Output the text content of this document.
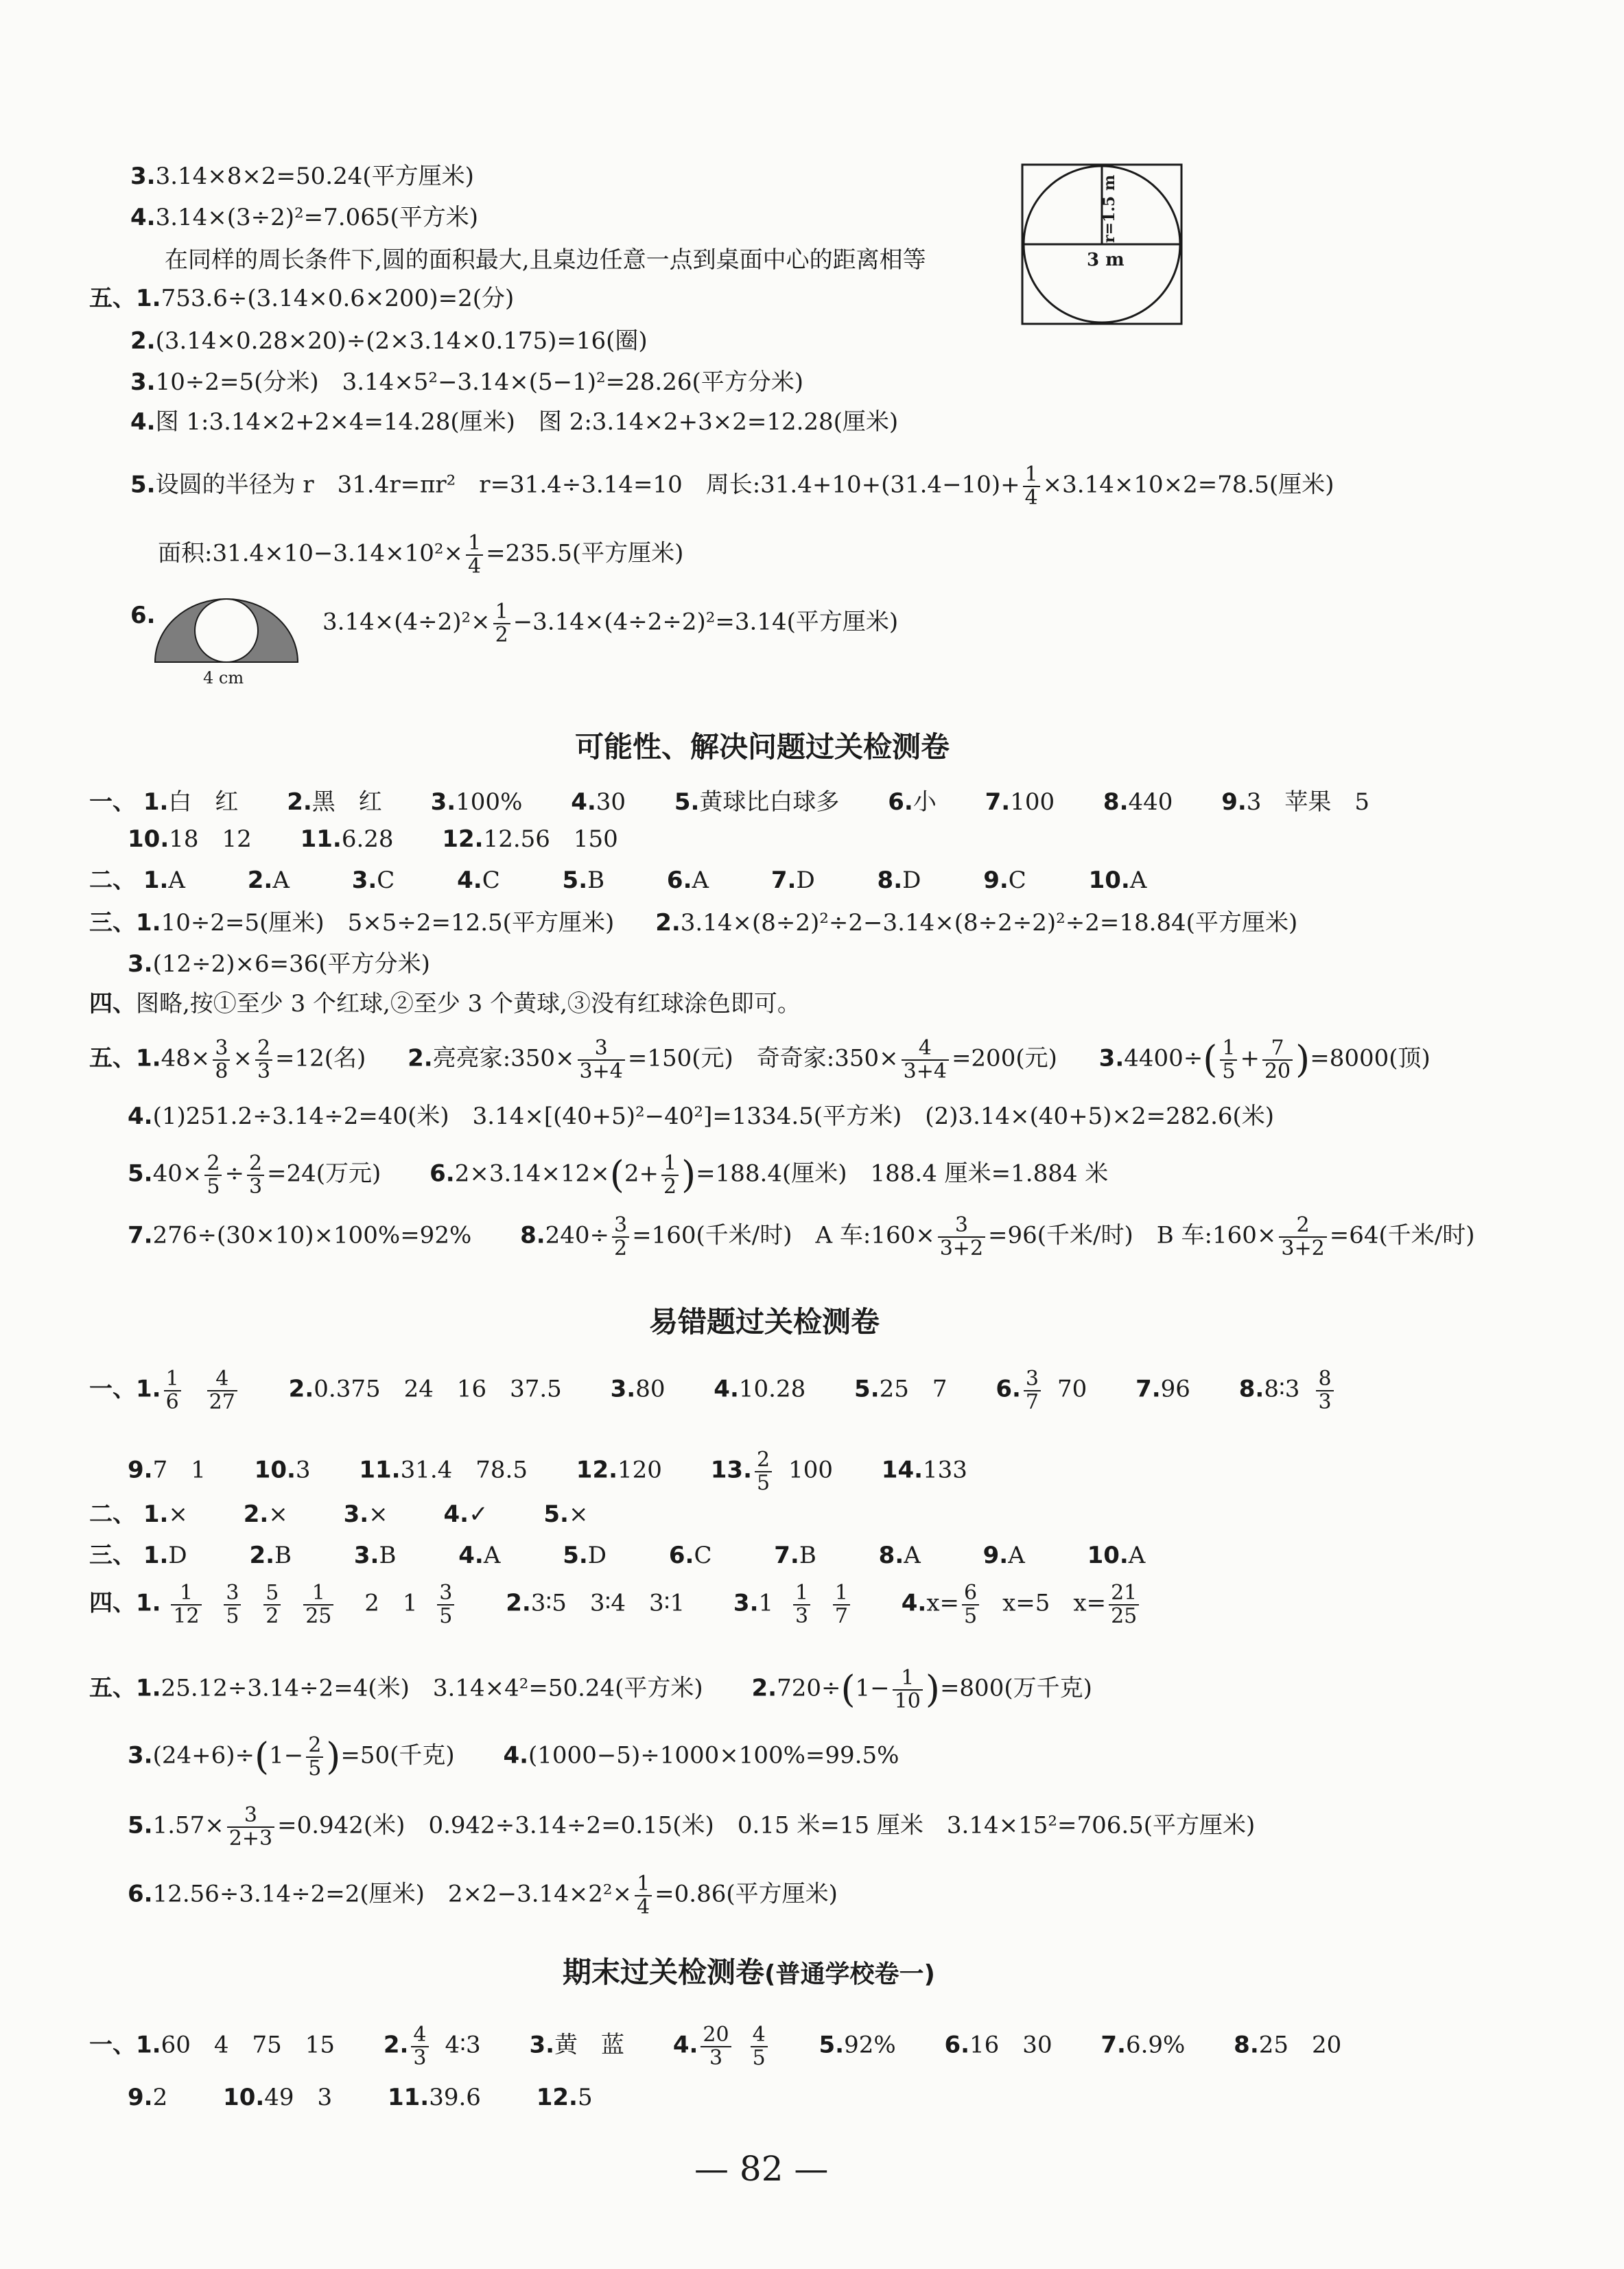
3.3.14×8×2=50.24(平方厘米)
4.3.14×(3÷2)²=7.065(平方米)
在同样的周长条件下,圆的面积最大,且桌边任意一点到桌面中心的距离相等
r=1.5 m
3 m
五、1.753.6÷(3.14×0.6×200)=2(分)
2.(3.14×0.28×20)÷(2×3.14×0.175)=16(圈)
3.10÷2=5(分米)　3.14×5²−3.14×(5−1)²=28.26(平方分米)
4.图 1:3.14×2+2×4=14.28(厘米)　图 2:3.14×2+3×2=12.28(厘米)
5.设圆的半径为 r　31.4r=πr²　r=31.4÷3.14=10　周长:31.4+10+(31.4−10)+ $\frac{1}{4} \times 3.14\times 10\times 2=78.5$(厘米)
面积:31.4×10−3.14×10²× $\frac{1}{4} =235.5$(平方厘米)
6.
4 cm
$3.14\times(4\div 2)^2\times \frac{1}{2} -3.14\times(4\div 2\div 2)^2=3.14$(平方厘米)
可能性、解决问题过关检测卷
一、 1.白　红 2.黑　红 3.100% 4.30 5.黄球比白球多 6.小 7.100 8.440 9.3　苹果　5
10.18　12 11.6.28 12.12.56　150
二、 1.A	2.A	3.C	4.C	5.B	6.A	7.D	8.D	9.C	10.A
三、1.10÷2=5(厘米)　5×5÷2=12.5(平方厘米) 2.3.14×(8÷2)²÷2−3.14×(8÷2÷2)²÷2=18.84(平方厘米)
3.(12÷2)×6=36(平方分米)
四、图略,按①至少 3 个红球,②至少 3 个黄球,③没有红球涂色即可。
五、$1.48\times \frac{3}{8} \times \frac{2}{3} =12$(名) 2.亮亮家:350× $\frac{3}{3+4} =150$(元)　奇奇家:350× $\frac{4}{3+4} =200$(元) $3.4400\div( \frac{1}{5} + \frac{7}{20} )=8000$(顶)
4.(1)251.2÷3.14÷2=40(米)　3.14×[(40+5)²−40²]=1334.5(平方米)　(2)3.14×(40+5)×2=282.6(米)
$5.40\times \frac{2}{5} \div \frac{2}{3} =24$(万元) $6.2\times 3.14\times 12\times(2+ \frac{1}{2} )=188.4$(厘米)　188.4 厘米=1.884 米
7.276÷(30×10)×100%=92% $8.240\div \frac{3}{2} =160$(千米/时)　A 车:160× $\frac{3}{3+2} =96$(千米/时)　B 车:160× $\frac{2}{3+2} =64$(千米/时)
易错题过关检测卷
一、1. $\frac{1}{6} \frac{4}{27} 2.0.375$　24　16　37.5 3.80 4.10.28 5.25　7 6. $\frac{3}{7} 70$ 7.96 8.8∶3 $\frac{8}{3}$
9.7　1 10.3 11.31.4　78.5 12.120 13. $\frac{2}{5} 100$ 14.133
二、 1.× 2.× 3.× 4.✓ 5.×
三、 1.D	2.B	3.B	4.A	5.D	6.C	7.B	8.A	9.A	10.A
四、1. $\frac{1}{12}$
$\frac{3}{5}$
$\frac{5}{2}$
$\frac{1}{25} 2$　$1 \frac{3}{5}$ 2.3∶5　3∶4　3∶1 $3.1 \frac{1}{3}$
$\frac{1}{7} 4.x= \frac{6}{5} x=5$　$x= \frac{21}{25}$
五、1.25.12÷3.14÷2=4(米)　3.14×4²=50.24(平方米) $2.720\div(1- \frac{1}{10} )=800$(万千克)
$3.(24+6)\div(1- \frac{2}{5} )=50$(千克) 4.(1000−5)÷1000×100%=99.5%
$5.1.57\times \frac{3}{2+3} =0.942$(米)　0.942÷3.14÷2=0.15(米)　0.15 米=15 厘米　3.14×15²=706.5(平方厘米)
6.12.56÷3.14÷2=2(厘米)　$2\times 2-3.14\times 2^2\times \frac{1}{4} =0.86$(平方厘米)
期末过关检测卷(普通学校卷一)
一、1.60　4　75　15 2. $\frac{4}{3}$ 4∶3 3.黄　蓝 4. $\frac{20}{3} \frac{4}{5} 5.92\%$ 6.16　30 7.6.9% 8.25　20
9.2 10.49　3 11.39.6 12.5
— 82 —
